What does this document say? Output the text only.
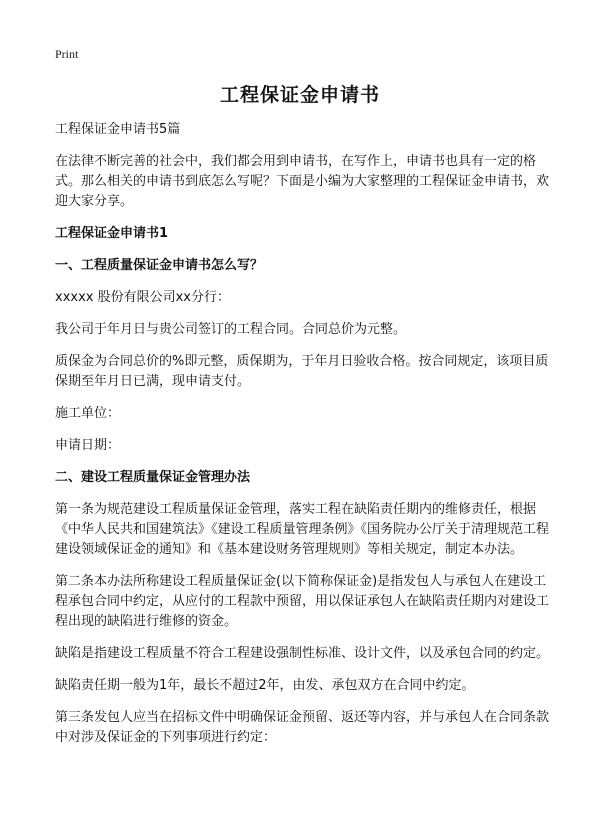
Print
工程保证金申请书

工程保证金申请书5篇

在法律不断完善的社会中，我们都会用到申请书，在写作上，申请书也具有一定的格式。那么相关的申请书到底怎么写呢？下面是小编为大家整理的工程保证金申请书，欢迎大家分享。

工程保证金申请书1

一、工程质量保证金申请书怎么写？

xxxxx 股份有限公司xx分行：

我公司于年月日与贵公司签订的工程合同。合同总价为元整。

质保金为合同总价的%即元整，质保期为，于年月日验收合格。按合同规定，该项目质保期至年月日已满，现申请支付。

施工单位：

申请日期：

二、建设工程质量保证金管理办法

第一条为规范建设工程质量保证金管理，落实工程在缺陷责任期内的维修责任，根据《中华人民共和国建筑法》《建设工程质量管理条例》《国务院办公厅关于清理规范工程建设领域保证金的通知》和《基本建设财务管理规则》等相关规定，制定本办法。

第二条本办法所称建设工程质量保证金(以下简称保证金)是指发包人与承包人在建设工程承包合同中约定，从应付的工程款中预留，用以保证承包人在缺陷责任期内对建设工程出现的缺陷进行维修的资金。

缺陷是指建设工程质量不符合工程建设强制性标准、设计文件，以及承包合同的约定。

缺陷责任期一般为1年，最长不超过2年，由发、承包双方在合同中约定。

第三条发包人应当在招标文件中明确保证金预留、返还等内容，并与承包人在合同条款中对涉及保证金的下列事项进行约定：
